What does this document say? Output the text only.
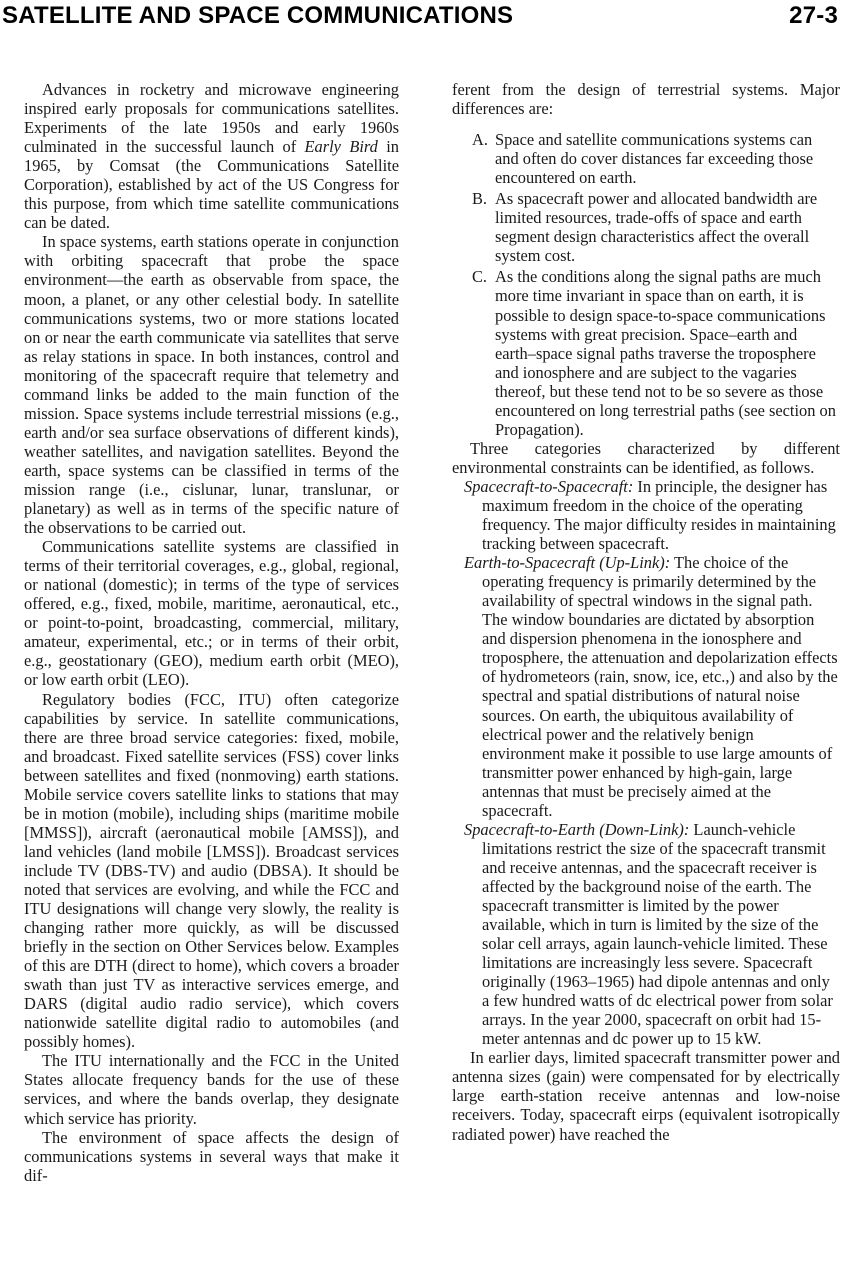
SATELLITE AND SPACE COMMUNICATIONS	27-3

Advances in rocketry and microwave engineering inspired early proposals for communications satellites. Experiments of the late 1950s and early 1960s culminated in the successful launch of Early Bird in 1965, by Comsat (the Communications Satellite Corporation), established by act of the US Congress for this purpose, from which time satellite communications can be dated.

In space systems, earth stations operate in conjunction with orbiting spacecraft that probe the space environment—the earth as observable from space, the moon, a planet, or any other celestial body. In satellite communications systems, two or more stations located on or near the earth communicate via satellites that serve as relay stations in space. In both instances, control and monitoring of the spacecraft require that telemetry and command links be added to the main function of the mission. Space systems include terrestrial missions (e.g., earth and/or sea surface observations of different kinds), weather satellites, and navigation satellites. Beyond the earth, space systems can be classified in terms of the mission range (i.e., cislunar, lunar, translunar, or planetary) as well as in terms of the specific nature of the observations to be carried out.

Communications satellite systems are classified in terms of their territorial coverages, e.g., global, regional, or national (domestic); in terms of the type of services offered, e.g., fixed, mobile, maritime, aeronautical, etc., or point-to-point, broadcasting, commercial, military, amateur, experimental, etc.; or in terms of their orbit, e.g., geostationary (GEO), medium earth orbit (MEO), or low earth orbit (LEO).

Regulatory bodies (FCC, ITU) often categorize capabilities by service. In satellite communications, there are three broad service categories: fixed, mobile, and broadcast. Fixed satellite services (FSS) cover links between satellites and fixed (nonmoving) earth stations. Mobile service covers satellite links to stations that may be in motion (mobile), including ships (maritime mobile [MMSS]), aircraft (aeronautical mobile [AMSS]), and land vehicles (land mobile [LMSS]). Broadcast services include TV (DBS-TV) and audio (DBSA). It should be noted that services are evolving, and while the FCC and ITU designations will change very slowly, the reality is changing rather more quickly, as will be discussed briefly in the section on Other Services below. Examples of this are DTH (direct to home), which covers a broader swath than just TV as interactive services emerge, and DARS (digital audio radio service), which covers nationwide satellite digital radio to automobiles (and possibly homes).

The ITU internationally and the FCC in the United States allocate frequency bands for the use of these services, and where the bands overlap, they designate which service has priority.

The environment of space affects the design of communications systems in several ways that make it dif-

ferent from the design of terrestrial systems. Major differences are:

A. Space and satellite communications systems can and often do cover distances far exceeding those encountered on earth.
B. As spacecraft power and allocated bandwidth are limited resources, trade-offs of space and earth segment design characteristics affect the overall system cost.
C. As the conditions along the signal paths are much more time invariant in space than on earth, it is possible to design space-to-space communications systems with great precision. Space–earth and earth–space signal paths traverse the troposphere and ionosphere and are subject to the vagaries thereof, but these tend not to be so severe as those encountered on long terrestrial paths (see section on Propagation).

Three categories characterized by different environmental constraints can be identified, as follows.

Spacecraft-to-Spacecraft: In principle, the designer has maximum freedom in the choice of the operating frequency. The major difficulty resides in maintaining tracking between spacecraft.

Earth-to-Spacecraft (Up-Link): The choice of the operating frequency is primarily determined by the availability of spectral windows in the signal path. The window boundaries are dictated by absorption and dispersion phenomena in the ionosphere and troposphere, the attenuation and depolarization effects of hydrometeors (rain, snow, ice, etc.,) and also by the spectral and spatial distributions of natural noise sources. On earth, the ubiquitous availability of electrical power and the relatively benign environment make it possible to use large amounts of transmitter power enhanced by high-gain, large antennas that must be precisely aimed at the spacecraft.

Spacecraft-to-Earth (Down-Link): Launch-vehicle limitations restrict the size of the spacecraft transmit and receive antennas, and the spacecraft receiver is affected by the background noise of the earth. The spacecraft transmitter is limited by the power available, which in turn is limited by the size of the solar cell arrays, again launch-vehicle limited. These limitations are increasingly less severe. Spacecraft originally (1963–1965) had dipole antennas and only a few hundred watts of dc electrical power from solar arrays. In the year 2000, spacecraft on orbit had 15-meter antennas and dc power up to 15 kW.

In earlier days, limited spacecraft transmitter power and antenna sizes (gain) were compensated for by electrically large earth-station receive antennas and low-noise receivers. Today, spacecraft eirps (equivalent isotropically radiated power) have reached the
